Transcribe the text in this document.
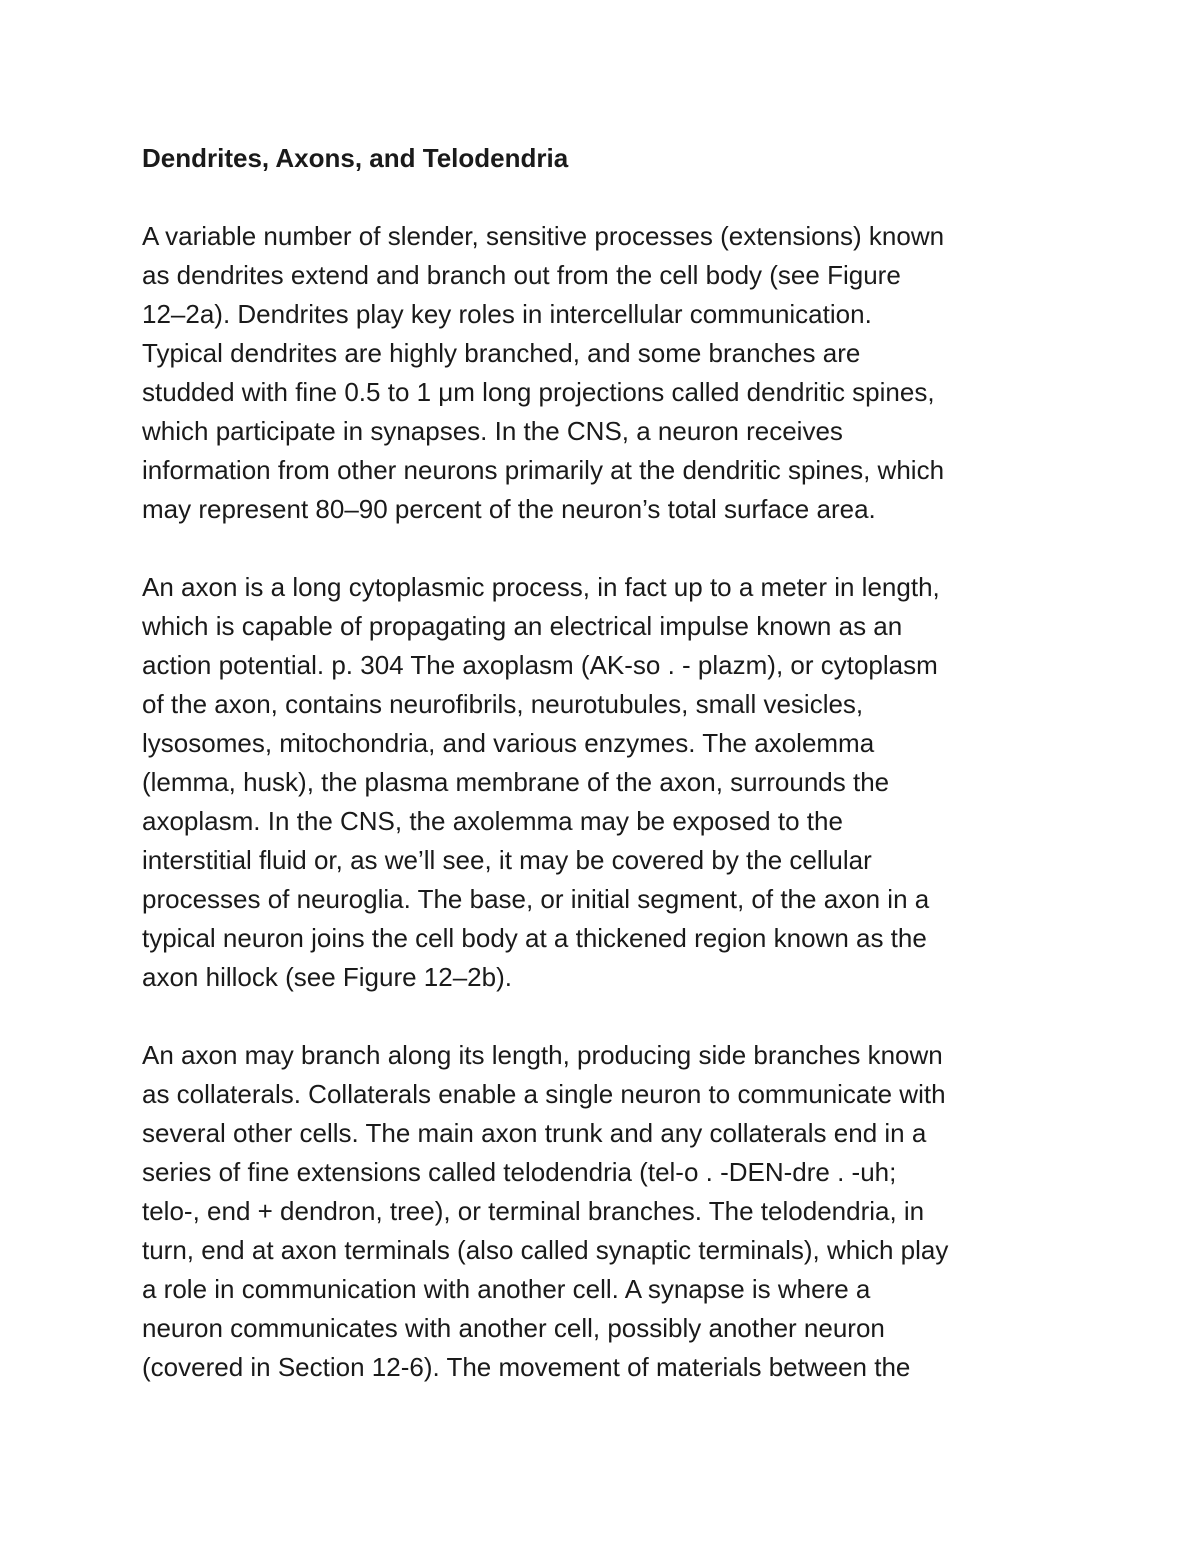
Dendrites, Axons, and Telodendria
A variable number of slender, sensitive processes (extensions) known
as dendrites extend and branch out from the cell body (see Figure
12–2a). Dendrites play key roles in intercellular communication.
Typical dendrites are highly branched, and some branches are
studded with fine 0.5 to 1 μm long projections called dendritic spines,
which participate in synapses. In the CNS, a neuron receives
information from other neurons primarily at the dendritic spines, which
may represent 80–90 percent of the neuron’s total surface area.
An axon is a long cytoplasmic process, in fact up to a meter in length,
which is capable of propagating an electrical impulse known as an
action potential. p. 304 The axoplasm (AK-so . - plazm), or cytoplasm
of the axon, contains neurofibrils, neurotubules, small vesicles,
lysosomes, mitochondria, and various enzymes. The axolemma
(lemma, husk), the plasma membrane of the axon, surrounds the
axoplasm. In the CNS, the axolemma may be exposed to the
interstitial fluid or, as we’ll see, it may be covered by the cellular
processes of neuroglia. The base, or initial segment, of the axon in a
typical neuron joins the cell body at a thickened region known as the
axon hillock (see Figure 12–2b).
An axon may branch along its length, producing side branches known
as collaterals. Collaterals enable a single neuron to communicate with
several other cells. The main axon trunk and any collaterals end in a
series of fine extensions called telodendria (tel-o . -DEN-dre . -uh;
telo-, end + dendron, tree), or terminal branches. The telodendria, in
turn, end at axon terminals (also called synaptic terminals), which play
a role in communication with another cell. A synapse is where a
neuron communicates with another cell, possibly another neuron
(covered in Section 12-6). The movement of materials between the
